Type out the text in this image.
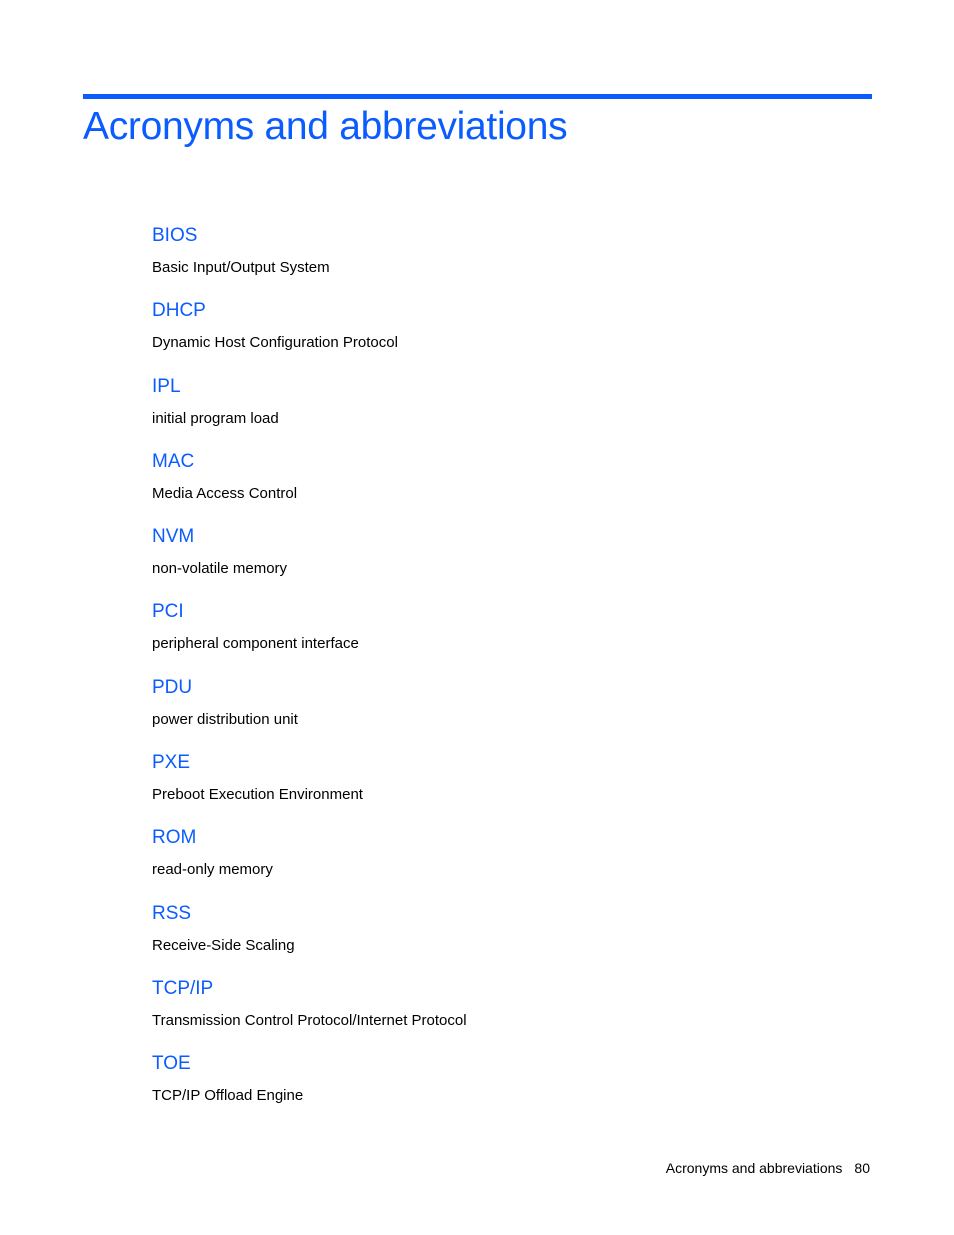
Acronyms and abbreviations
BIOS
Basic Input/Output System
DHCP
Dynamic Host Configuration Protocol
IPL
initial program load
MAC
Media Access Control
NVM
non-volatile memory
PCI
peripheral component interface
PDU
power distribution unit
PXE
Preboot Execution Environment
ROM
read-only memory
RSS
Receive-Side Scaling
TCP/IP
Transmission Control Protocol/Internet Protocol
TOE
TCP/IP Offload Engine
Acronyms and abbreviations 80
